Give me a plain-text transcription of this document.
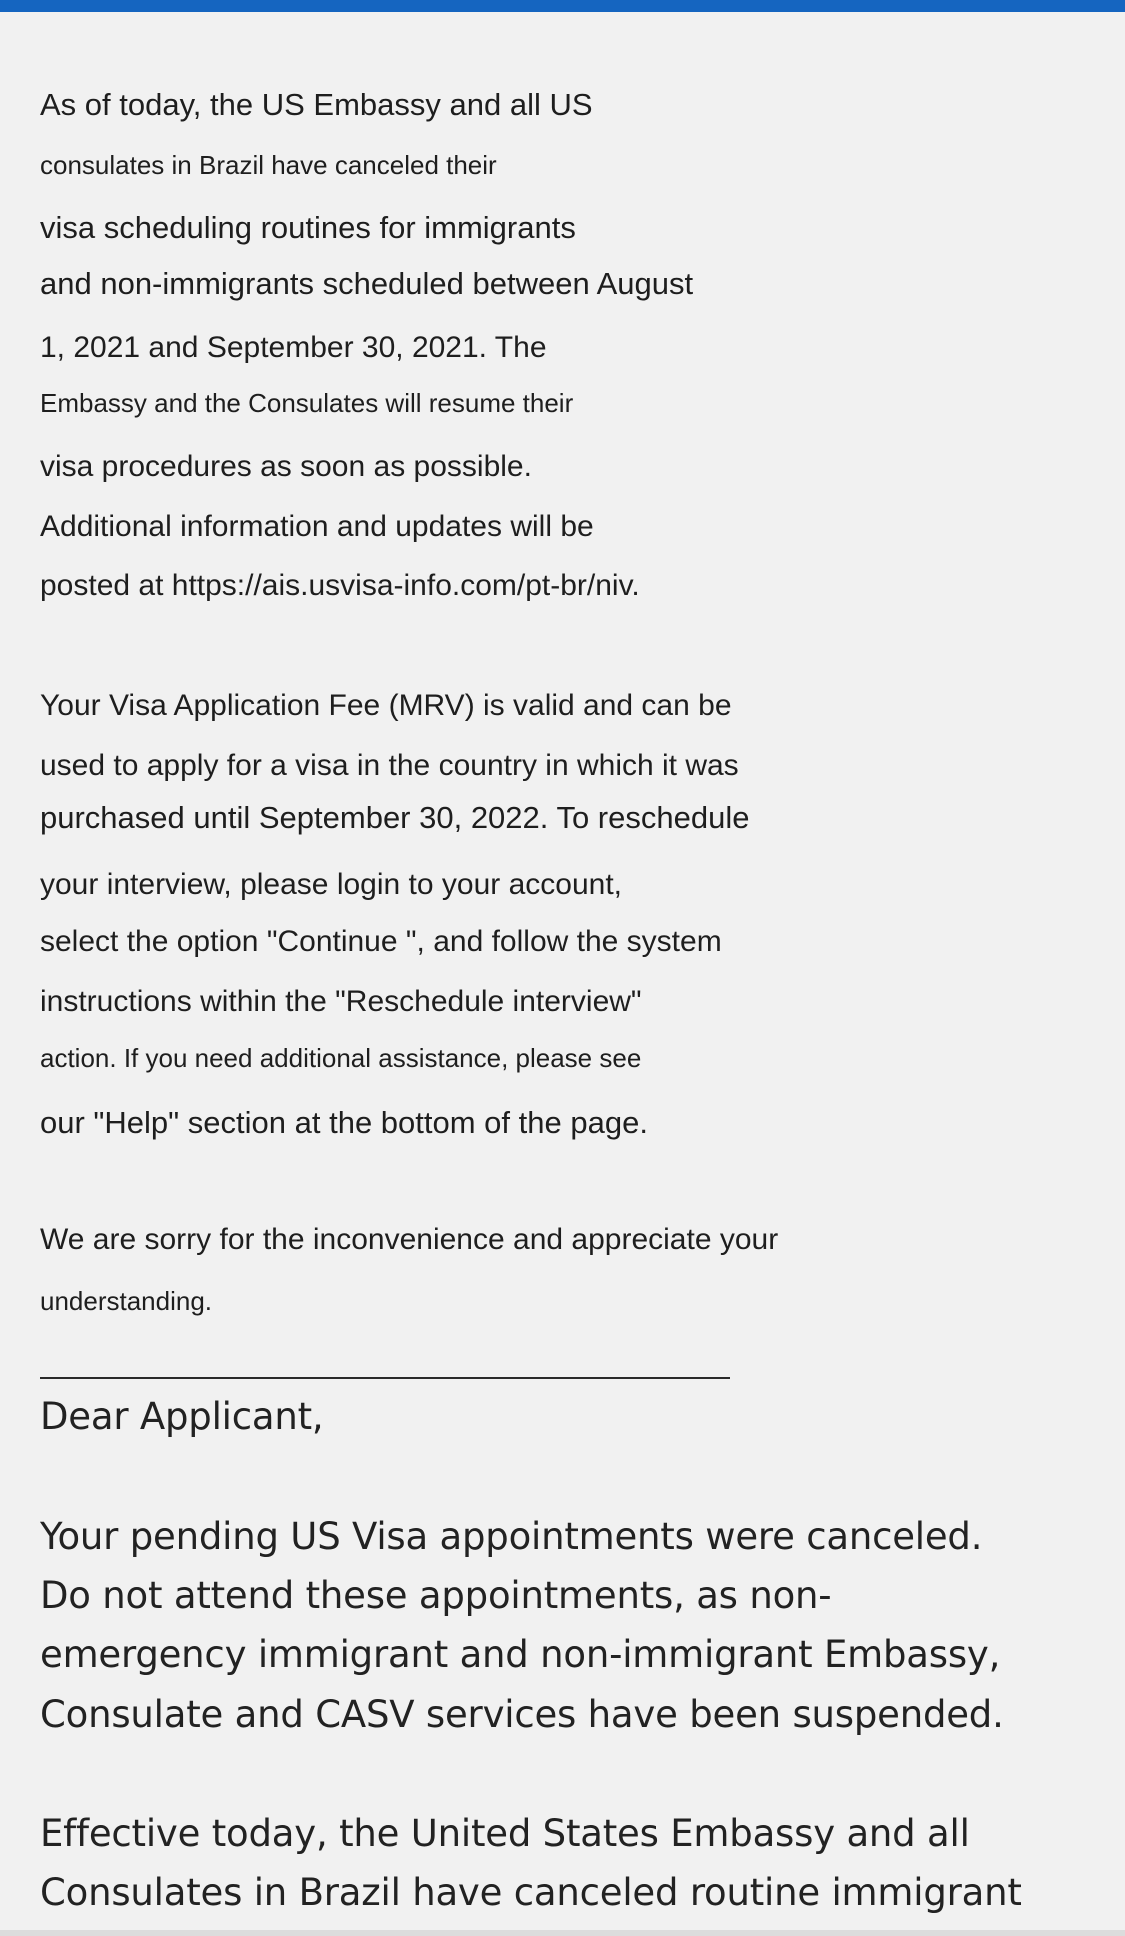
As of today, the US Embassy and all US
consulates in Brazil have canceled their
visa scheduling routines for immigrants
and non-immigrants scheduled between August
1, 2021 and September 30, 2021. The
Embassy and the Consulates will resume their
visa procedures as soon as possible.
Additional information and updates will be
posted at https://ais.usvisa-info.com/pt-br/niv.
Your Visa Application Fee (MRV) is valid and can be
used to apply for a visa in the country in which it was
purchased until September 30, 2022. To reschedule
your interview, please login to your account,
select the option "Continue ", and follow the system
instructions within the "Reschedule interview"
action. If you need additional assistance, please see
our "Help" section at the bottom of the page.
We are sorry for the inconvenience and appreciate your
understanding.
Dear Applicant,
Your pending US Visa appointments were canceled.
Do not attend these appointments, as non-
emergency immigrant and non-immigrant Embassy,
Consulate and CASV services have been suspended.
Effective today, the United States Embassy and all
Consulates in Brazil have canceled routine immigrant
